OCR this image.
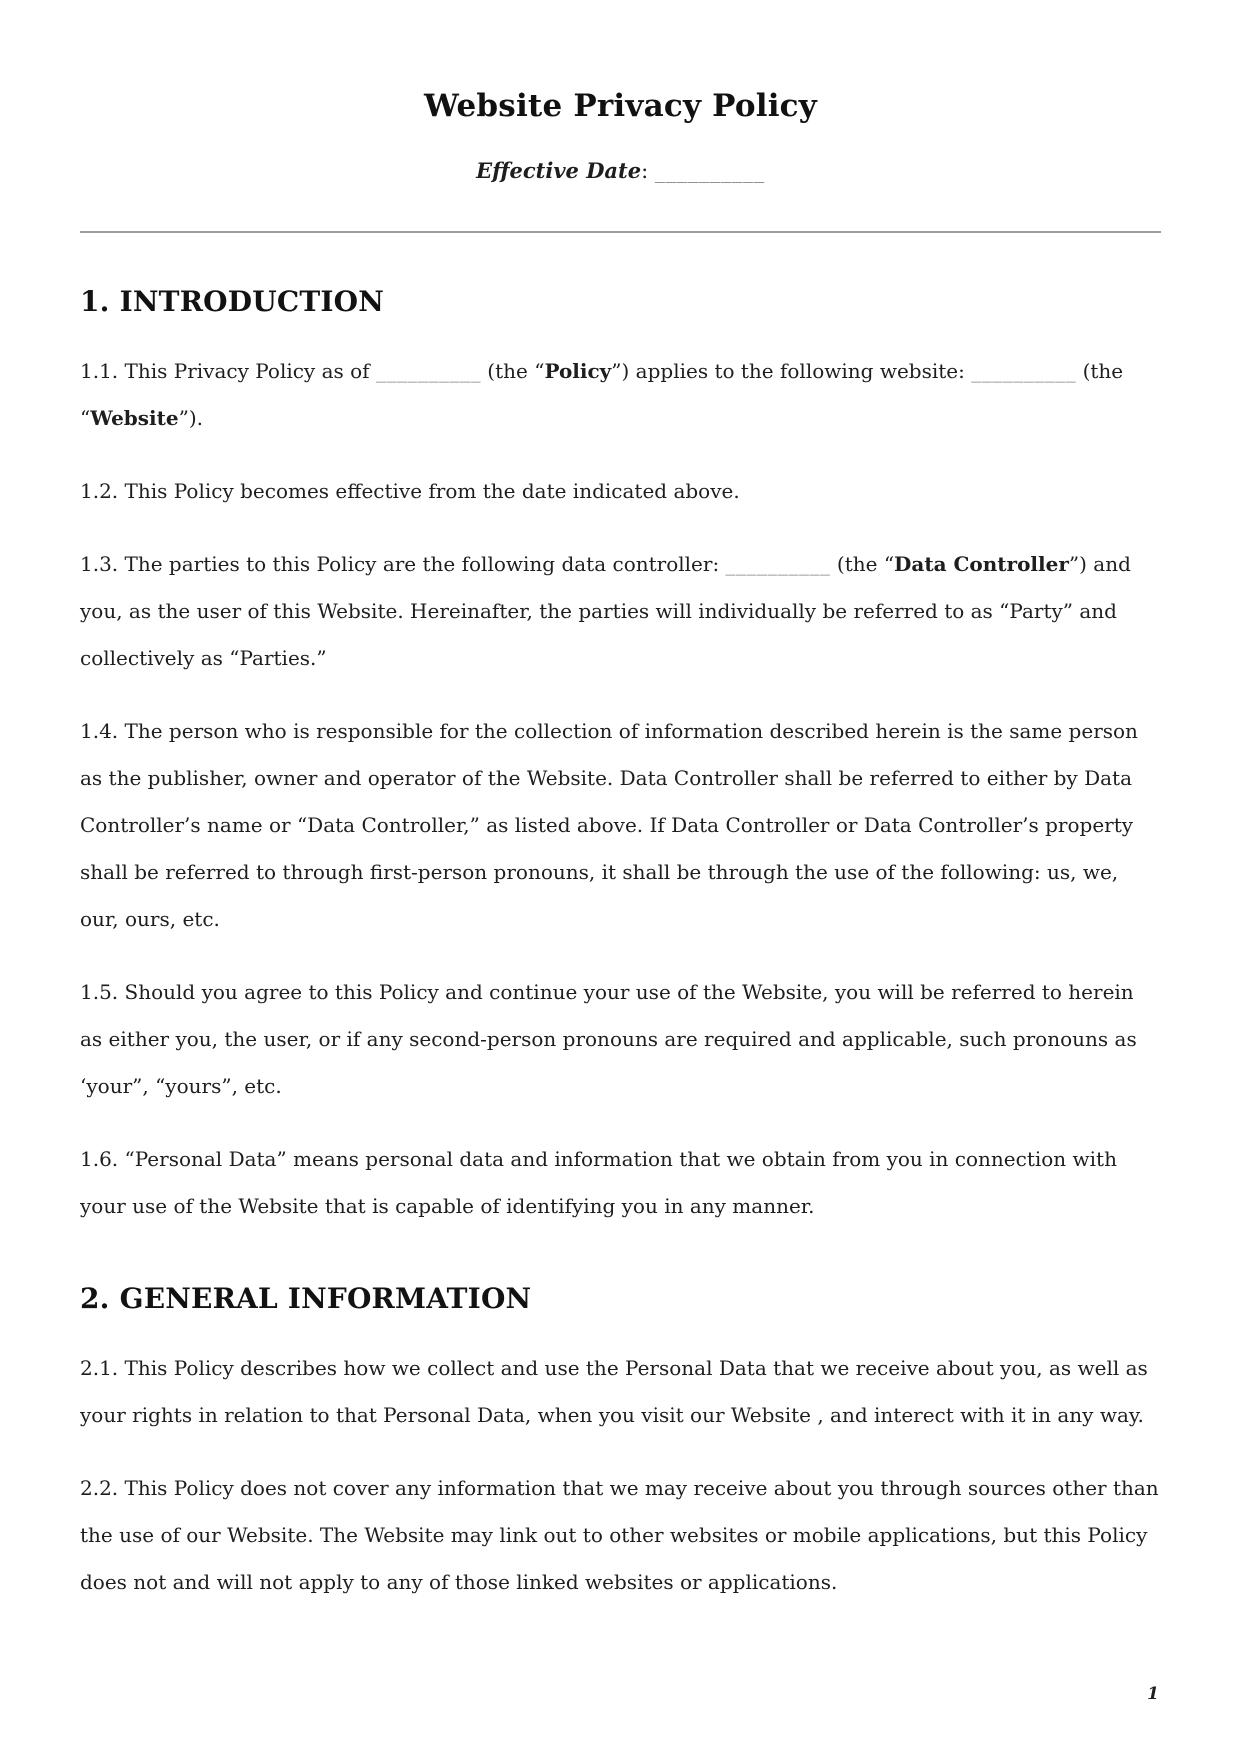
Website Privacy Policy

Effective Date: __________

1. INTRODUCTION

1.1. This Privacy Policy as of __________ (the “Policy”) applies to the following website: __________ (the “Website”).

1.2. This Policy becomes effective from the date indicated above.

1.3. The parties to this Policy are the following data controller: __________ (the “Data Controller”) and you, as the user of this Website. Hereinafter, the parties will individually be referred to as “Party” and collectively as “Parties.”

1.4. The person who is responsible for the collection of information described herein is the same person as the publisher, owner and operator of the Website. Data Controller shall be referred to either by Data Controller’s name or “Data Controller,” as listed above. If Data Controller or Data Controller’s property shall be referred to through first-person pronouns, it shall be through the use of the following: us, we, our, ours, etc.

1.5. Should you agree to this Policy and continue your use of the Website, you will be referred to herein as either you, the user, or if any second-person pronouns are required and applicable, such pronouns as ‘your”, “yours”, etc.

1.6. “Personal Data” means personal data and information that we obtain from you in connection with your use of the Website that is capable of identifying you in any manner.

2. GENERAL INFORMATION

2.1. This Policy describes how we collect and use the Personal Data that we receive about you, as well as your rights in relation to that Personal Data, when you visit our Website , and interect with it in any way.

2.2. This Policy does not cover any information that we may receive about you through sources other than the use of our Website. The Website may link out to other websites or mobile applications, but this Policy does not and will not apply to any of those linked websites or applications.

1
